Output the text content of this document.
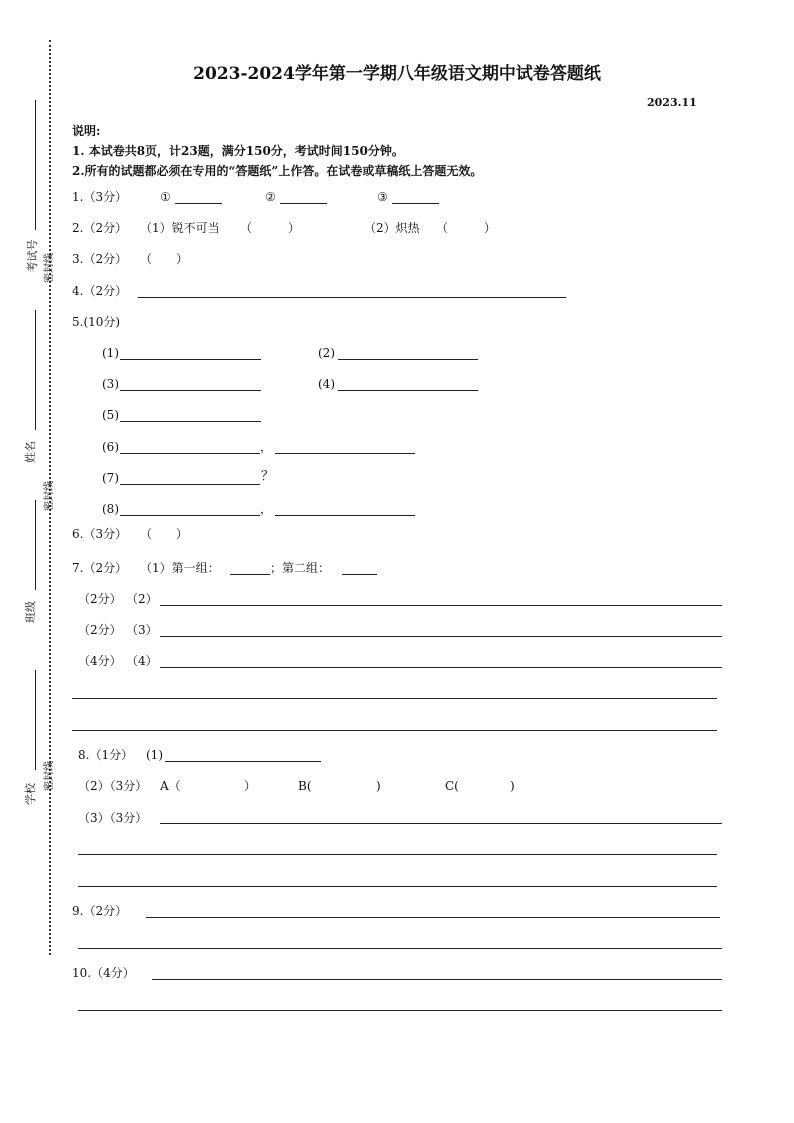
2023-2024学年第一学期八年级语文期中试卷答题纸
2023.11
考试号 密封线
姓名
密封线
班级
密封线
学校
说明:
1. 本试卷共8页，计23题，满分150分，考试时间150分钟。
2.所有的试题都必须在专用的“答题纸”上作答。在试卷或草稿纸上答题无效。
1.（3分）	①	②	③
2.（2分） （1）锐不可当 （　　　）	（2）炽热 （　　　）
3.（2分） （　　）
4.（2分）
5.(10分)
(1)	(2)
(3)	(4)
(5)
(6)	，
(7)	？
(8)	，
6.（3分） （　　）
7.（2分） （1）第一组：	；第二组：
（2分） （2）
（2分） （3）
（4分） （4）
8.（1分） (1)
（2）（3分） A（	）	B(	)	C(	)
（3）（3分）
9.（2分）
10.（4分）
